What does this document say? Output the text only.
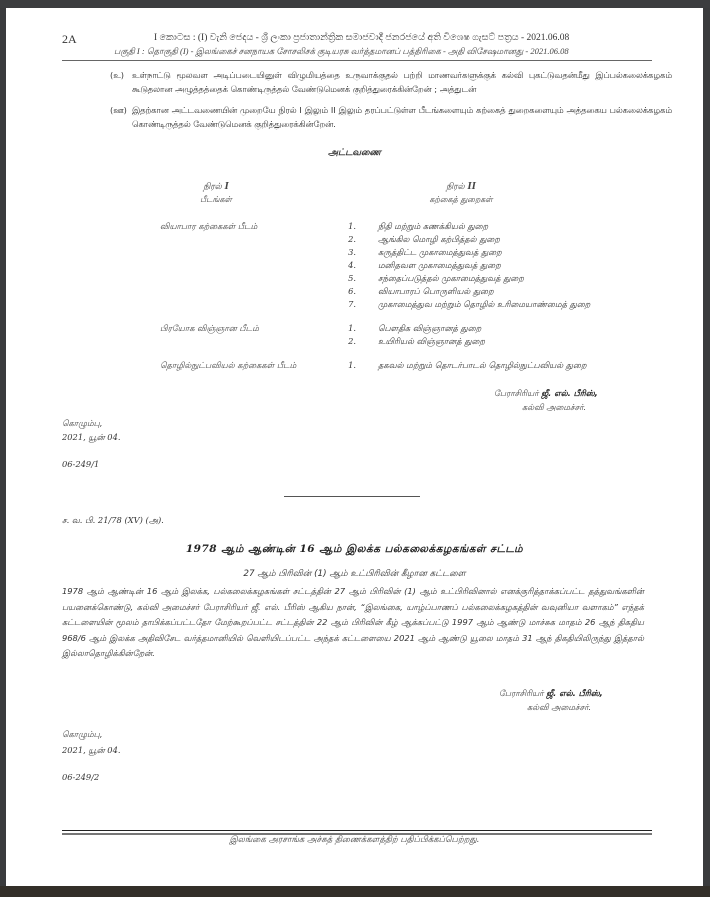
2A	I කොටස : (I) වැනි ජෙදය - ශ්‍රී ලංකා ප්‍රජාතාන්ත්‍රික සමාජවාදී ජනරජයේ අති විශෙෂ ගැසට් පත්‍රය - 2021.06.08
பகுதி I : தொகுதி (I) - இலங்கைச் சனநாயக சோசலிசக் குடியரசு வர்த்தமானப் பத்திரிகை - அதி விசேஷமானது - 2021.06.08
(உ) உள்நாட்டு மூலவள அடிப்படையினுள் விழுமியத்தை உருவாக்குதல் பற்றி மாணவர்களுக்குக் கல்வி புகட்டுவதன்மீது இப்பல்கலைக்கழகம் கூடுதலான அழுத்தத்தைக் கொண்டிருத்தல் வேண்டுமெனக் குறித்துரைக்கின்றேன் ; அத்துடன்
(ஊ) இதற்கான அட்டவணையின் முறையே நிரல் I இலும் II இலும் தரப்பட்டுள்ள பீடங்களையும் கற்கைத் துறைகளையும் அத்தகைய பல்கலைக்கழகம் கொண்டிருத்தல் வேண்டுமெனக் குறித்துரைக்கின்றேன்.
அட்டவணை
நிரல் I
பீடங்கள்
நிரல் II
கற்கைத் துறைகள்
வியாபார கற்கைகள் பீடம்	1.	நிதி மற்றும் கணக்கியல் துறை
2.	ஆங்கில மொழி கற்பித்தல் துறை
3.	கருத்திட்ட முகாமைத்துவத் துறை
4.	மனிதவள முகாமைத்துவத் துறை
5.	சந்தைப்படுத்தல் முகாமைத்துவத் துறை
6.	வியாபாரப் பொருளியல் துறை
7.	முகாமைத்துவ மற்றும் தொழில் உரிமையாண்மைத் துறை
பிரயோக விஞ்ஞான பீடம்	1.	பௌதிக விஞ்ஞானத் துறை
2.	உயிரியல் விஞ்ஞானத் துறை
தொழில்நுட்பவியல் கற்கைகள் பீடம்	1.	தகவல் மற்றும் தொடர்பாடல் தொழில்நுட்பவியல் துறை
பேராசிரியர் ஜீ. எல். பீரிஸ்,
கல்வி அமைச்சர்.
கொழும்பு,
2021, யூன் 04.
06-249/1
ச. வ. பி. 21/78 (XV) (அ).
1978 ஆம் ஆண்டின் 16 ஆம் இலக்க பல்கலைக்கழகங்கள் சட்டம்
27 ஆம் பிரிவின் (1) ஆம் உட்பிரிவின் கீழான கட்டளை
1978 ஆம் ஆண்டின் 16 ஆம் இலக்க, பல்கலைக்கழகங்கள் சட்டத்தின் 27 ஆம் பிரிவின் (1) ஆம் உட்பிரிவினால் எனக்குரித்தாக்கப்பட்ட தத்துவங்களின் பயனைக்கொண்டு, கல்வி அமைச்சர் பேராசிரியர் ஜீ. எல். பீரிஸ் ஆகிய நான், “இலங்கை, யாழ்ப்பாணப் பல்கலைக்கழகத்தின் வவுனியா வளாகம்” எந்தக் கட்டளையின் மூலம் தாபிக்கப்பட்டதோ மேற்கூறப்பட்ட சட்டத்தின் 22 ஆம் பிரிவின் கீழ் ஆக்கப்பட்டு 1997 ஆம் ஆண்டு மாச்சுக மாதம் 26 ஆந் திகதிய 968/6 ஆம் இலக்க அதிவிசேட வர்த்தமானியில் வெளியிடப்பட்ட அந்தக் கட்டளையை 2021 ஆம் ஆண்டு யூலை மாதம் 31 ஆந் திகதியிலிருந்து இத்தால் இல்லாதொழிக்கின்றேன்.
பேராசிரியர் ஜீ. எல். பீரிஸ்,
கல்வி அமைச்சர்.
கொழும்பு,
2021, யூன் 04.
06-249/2
இலங்கை அரசாங்க அச்சுத் திணைக்களத்திற் பதிப்பிக்கப்பெற்றது.
